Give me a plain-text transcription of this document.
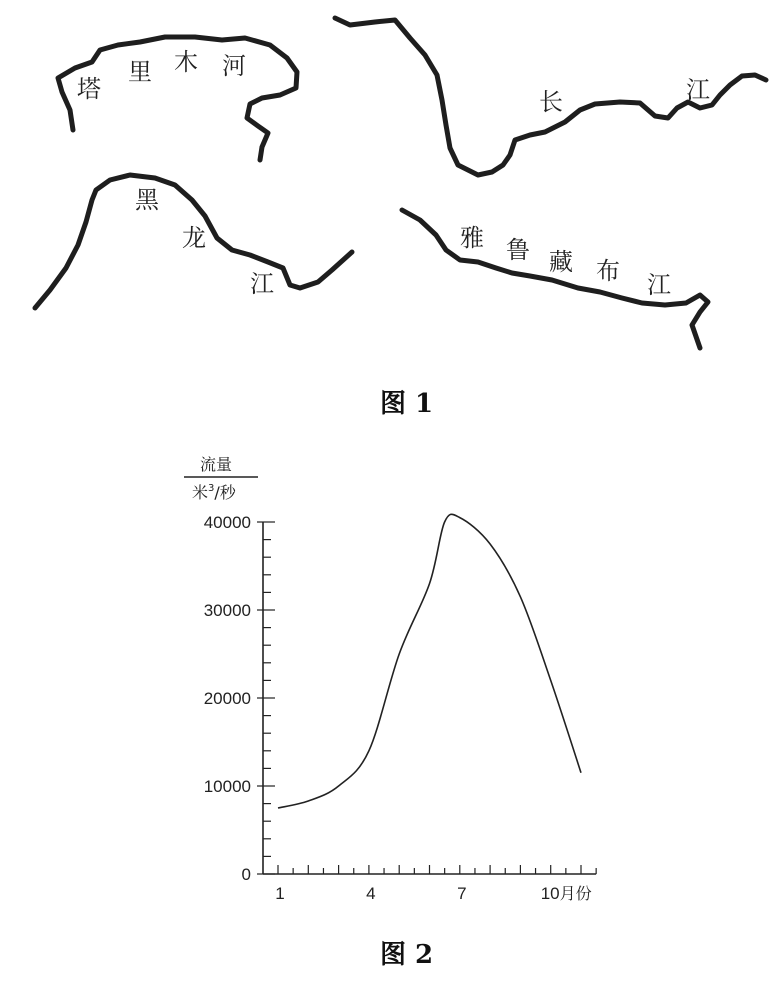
塔
里 木 河
长	江
黑
龙
江
雅 鲁 藏 布 江
图 1
流量
米$^3$/秒
0
10000
20000
30000
40000
1	4	7	10月份
图 2
